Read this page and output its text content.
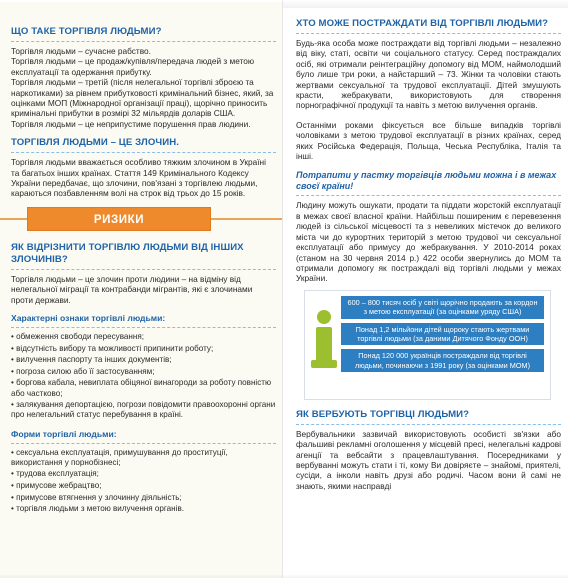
ЩО ТАКЕ ТОРГІВЛЯ ЛЮДЬМИ?

Торгівля людьми – сучасне рабство.

Торгівля людьми – це продаж/купівля/передача людей з метою експлуатації та одержання прибутку.

Торгівля людьми – третій (після нелегальної торгівлі зброєю та наркотиками) за рівнем прибутковості кримінальний бізнес, який, за оцінками МОП (Міжнародної організації праці), щорічно приносить кримінальні прибутки в розмірі 32 мільярдів доларів США.

Торгівля людьми – це неприпустиме порушення прав людини.

ТОРГІВЛЯ ЛЮДЬМИ – ЦЕ ЗЛОЧИН.

Торгівля людьми вважається особливо тяжким злочином в Україні та багатьох інших країнах. Стаття 149 Кримінального Кодексу України передбачає, що злочини, пов'язані з торгівлею людьми, караються позбавленням волі на строк від трьох до 15 років.

РИЗИКИ
ЯК ВІДРІЗНИТИ ТОРГІВЛЮ ЛЮДЬМИ ВІД ІНШИХ ЗЛОЧИНІВ?

Торгівля людьми – це злочин проти людини – на відміну від нелегальної міграції та контрабанди мігрантів, які є злочинами проти держави.

Характерні ознаки торгівлі людьми:
• обмеження свободи пересування;
• відсутність вибору та можливості припинити роботу;
• вилучення паспорту та інших документів;
• погроза силою або її застосуванням;
• боргова кабала, невиплата обіцяної винагороди за роботу повністю або частково;
• залякування депортацією, погрози повідомити правоохоронні органи про нелегальний статус перебування в країні.
Форми торгівлі людьми:
• сексуальна експлуатація, примушування до проституції, використання у порнобізнесі;
• трудова експлуатація;
• примусове жебрацтво;
• примусове втягнення у злочинну діяльність;
• торгівля людьми з метою вилучення органів.
ХТО МОЖЕ ПОСТРАЖДАТИ ВІД ТОРГІВЛІ ЛЮДЬМИ?

Будь-яка особа може постраждати від торгівлі людьми – незалежно від віку, статі, освіти чи соціального статусу. Серед постраждалих осіб, які отримали реінтеграційну допомогу від МОМ, наймолодший було лише три роки, а найстарший – 73. Жінки та чоловіки стають жертвами сексуальної та трудової експлуатації. Дітей змушують красти, жебракувати, використовують для створення порнографічної продукції та навіть з метою вилучення органів.

Останніми роками фіксується все більше випадків торгівлі чоловіками з метою трудової експлуатації в різних країнах, серед яких Російська Федерація, Польща, Чеська Республіка, Італія та інші.

Потрапити у пастку торгівців людьми можна і в межах своєї країни!

Людину можуть ошукати, продати та піддати жорстокій експлуатації в межах своєї власної країни. Найбільш поширеним є перевезення людей із сільської місцевості та з невеликих містечок до великого міста чи до курортних територій з метою трудової чи сексуальної експлуатації або примусу до жебракування. У 2010-2014 роках (станом на 30 червня 2014 р.) 422 особи звернулись до МОМ та отримали допомогу як постраждалі від торгівлі людьми у межах України.

600 – 800 тисяч осіб у світі щорічно продають за кордон з метою експлуатації (за оцінками уряду США)
Понад 1,2 мільйони дітей щороку стають жертвами торгівлі людьми (за даними Дитячого Фонду ООН)
Понад 120 000 українців постраждали від торгівлі людьми, починаючи з 1991 року (за оцінками МОМ)
ЯК ВЕРБУЮТЬ ТОРГІВЦІ ЛЮДЬМИ?

Вербувальники зазвичай використовують особисті зв'язки або фальшиві рекламні оголошення у місцевій пресі, нелегальні кадрові агенції та вебсайти з працевлаштування. Посередниками у вербуванні можуть стати і ті, кому Ви довіряєте – знайомі, приятелі, сусіди, а інколи навіть друзі або родичі. Часом вони й самі не знають, якими насправді
